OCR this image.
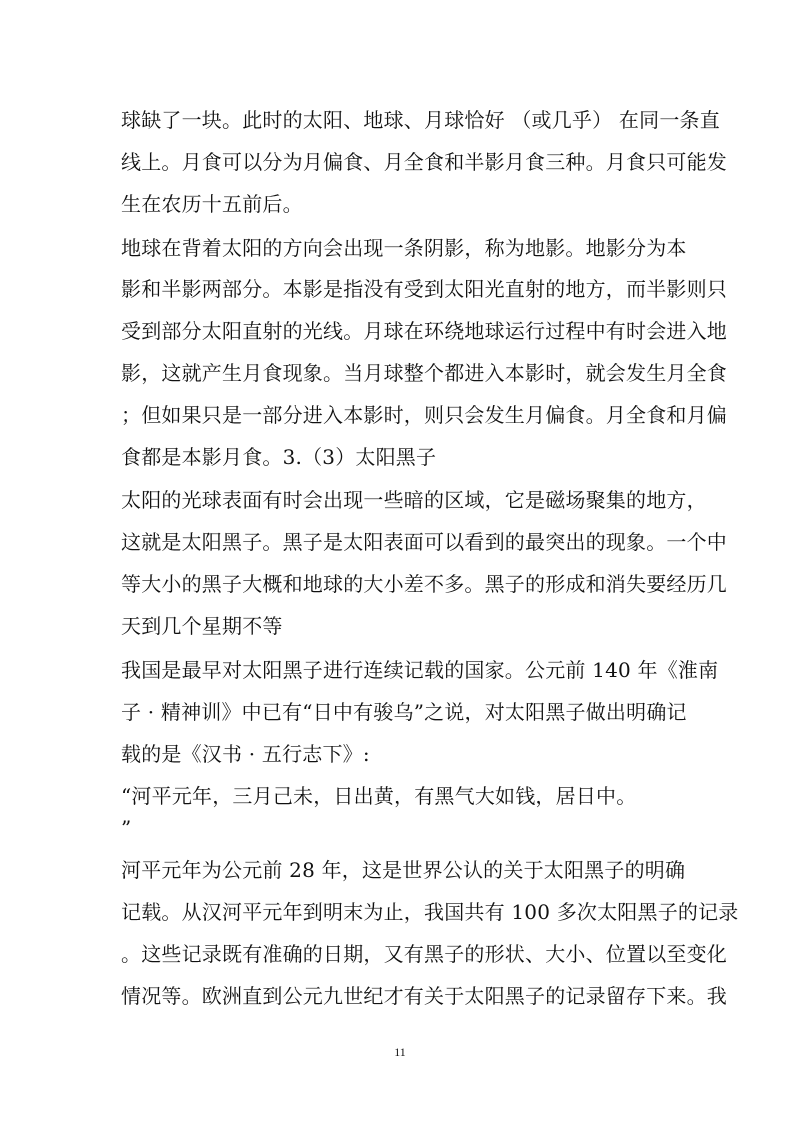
球缺了一块。此时的太阳、地球、月球恰好 （或几乎） 在同一条直
线上。月食可以分为月偏食、月全食和半影月食三种。月食只可能发
生在农历十五前后。
地球在背着太阳的方向会出现一条阴影，称为地影。地影分为本
影和半影两部分。本影是指没有受到太阳光直射的地方，而半影则只
受到部分太阳直射的光线。月球在环绕地球运行过程中有时会进入地
影，这就产生月食现象。当月球整个都进入本影时，就会发生月全食
；但如果只是一部分进入本影时，则只会发生月偏食。月全食和月偏
食都是本影月食。3.（3）太阳黑子
太阳的光球表面有时会出现一些暗的区域，它是磁场聚集的地方，
这就是太阳黑子。黑子是太阳表面可以看到的最突出的现象。一个中
等大小的黑子大概和地球的大小差不多。黑子的形成和消失要经历几
天到几个星期不等
我国是最早对太阳黑子进行连续记载的国家。公元前 140 年《淮南
子 · 精神训》中已有“日中有骏乌”之说，对太阳黑子做出明确记
载的是《汉书 · 五行志下》:
“河平元年，三月己未，日出黄，有黑气大如钱，居日中。
”
河平元年为公元前 28 年，这是世界公认的关于太阳黑子的明确
记载。从汉河平元年到明末为止，我国共有 100 多次太阳黑子的记录
。这些记录既有准确的日期，又有黑子的形状、大小、位置以至变化
情况等。欧洲直到公元九世纪才有关于太阳黑子的记录留存下来。我
11
